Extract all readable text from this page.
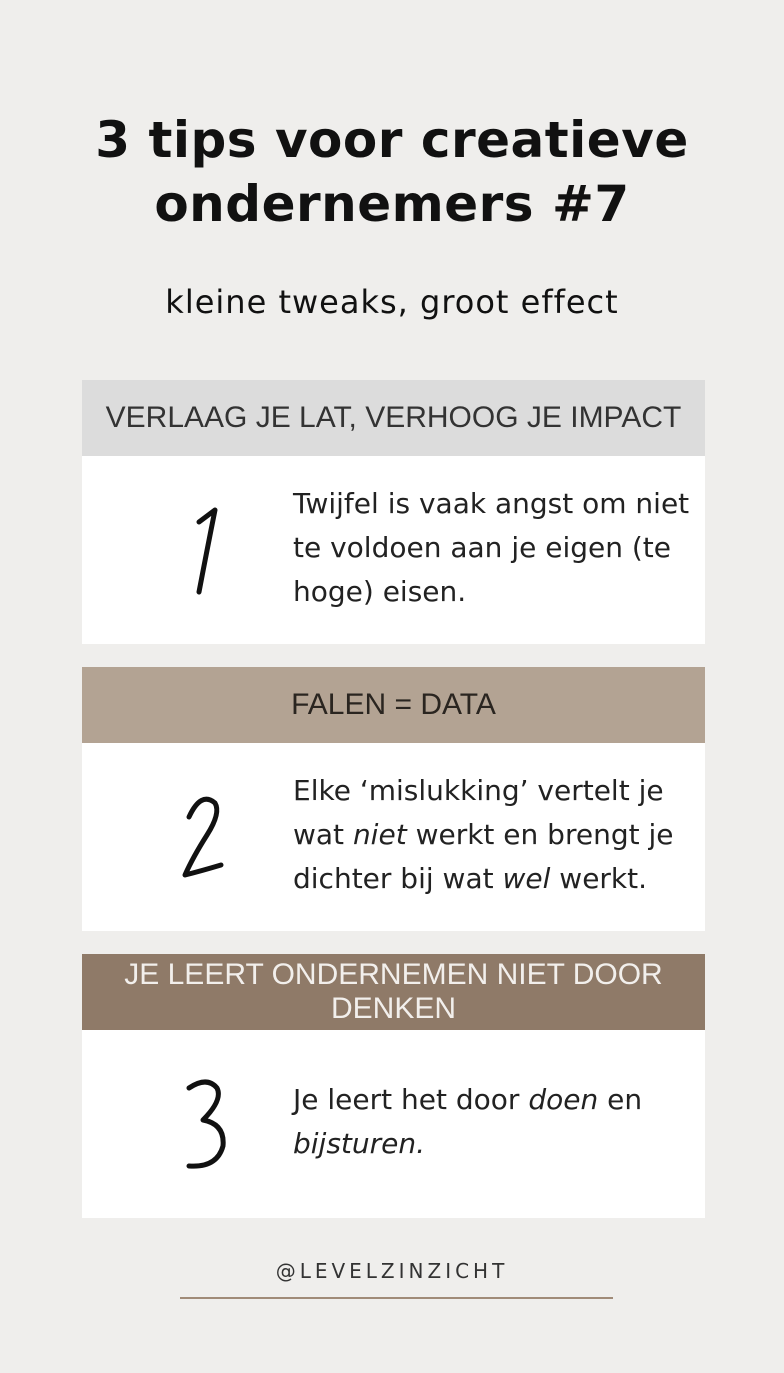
3 tips voor creatieve
ondernemers #7
kleine tweaks, groot effect
VERLAAG JE LAT, VERHOOG JE IMPACT
Twijfel is vaak angst om niet te voldoen aan je eigen (te hoge) eisen.
FALEN = DATA
Elke ‘mislukking’ vertelt je wat niet werkt en brengt je dichter bij wat wel werkt.
JE LEERT ONDERNEMEN NIET DOOR DENKEN
Je leert het door doen en bijsturen.
@LEVELZINZICHT
